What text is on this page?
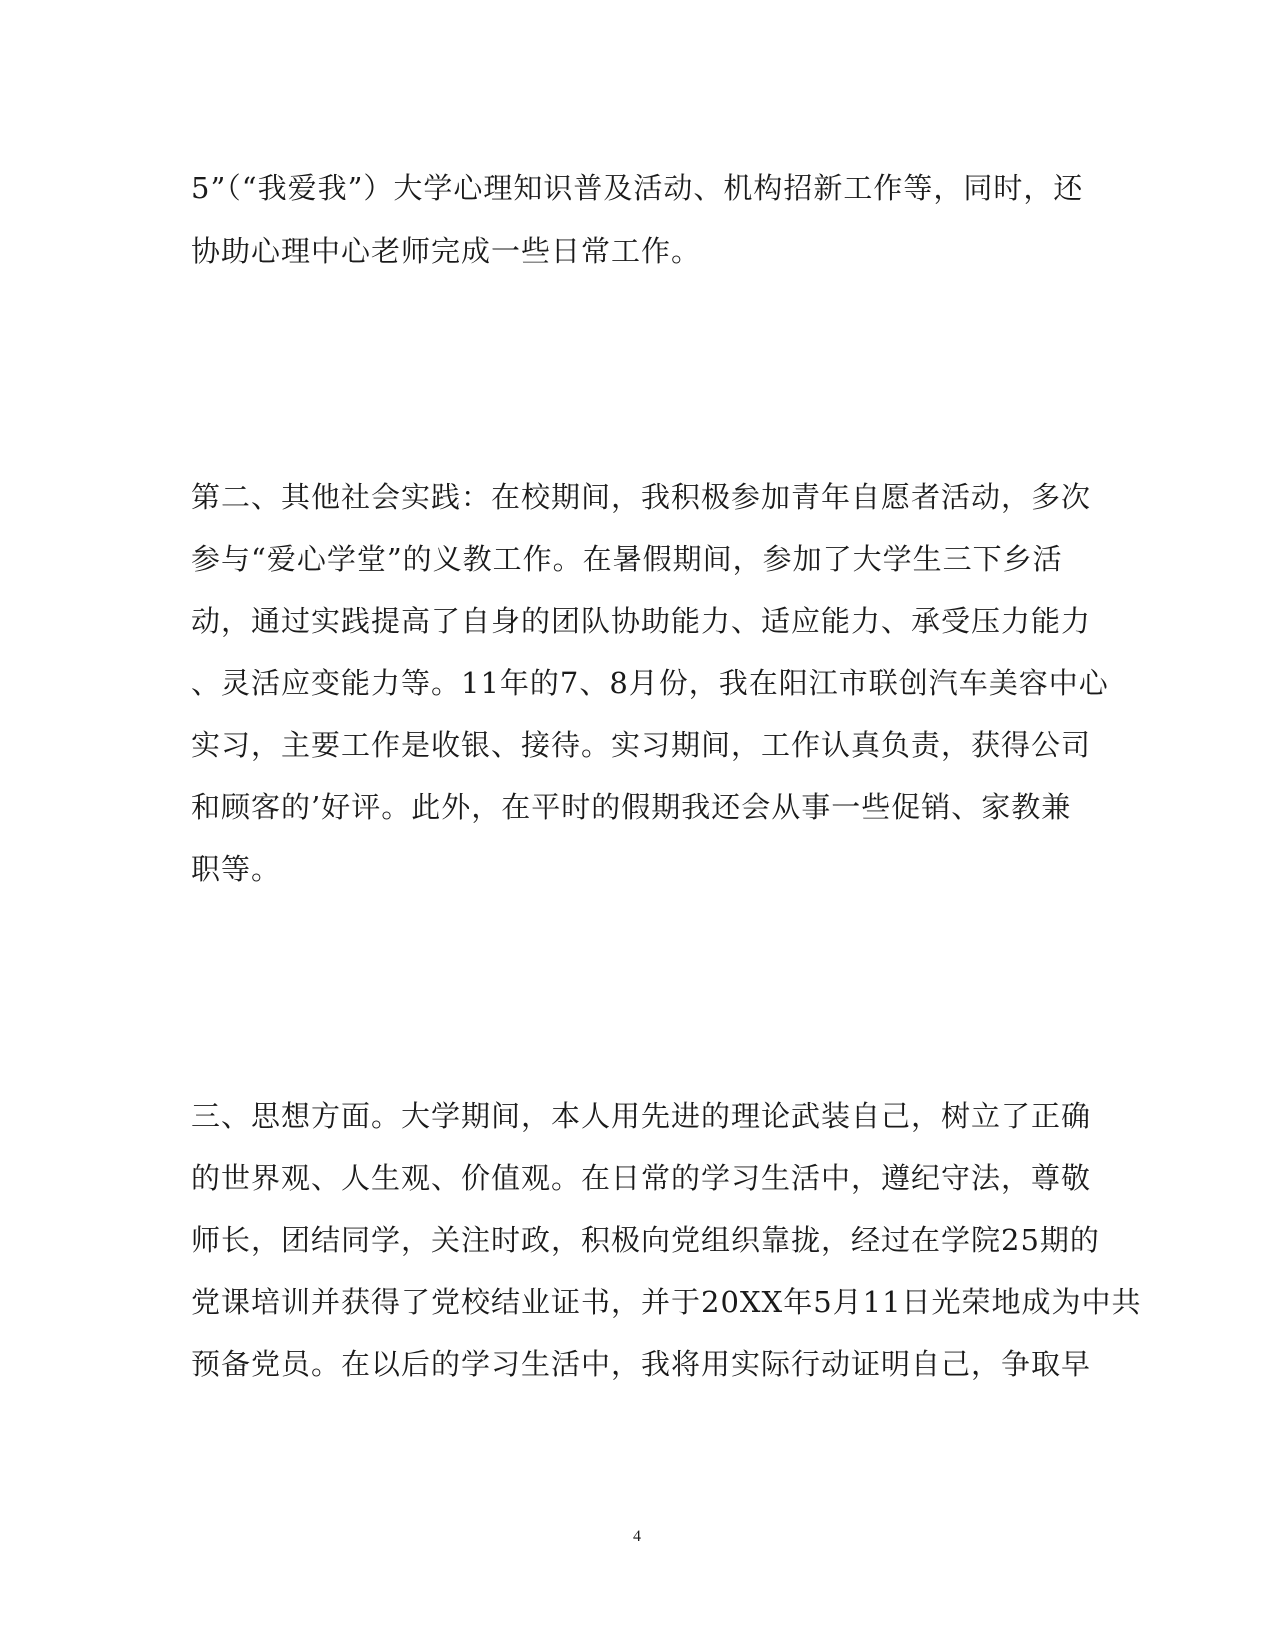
5”（“我爱我”）大学心理知识普及活动、机构招新工作等，同时，还
协助心理中心老师完成一些日常工作。
第二、其他社会实践：在校期间，我积极参加青年自愿者活动，多次
参与“爱心学堂”的义教工作。在暑假期间，参加了大学生三下乡活
动，通过实践提高了自身的团队协助能力、适应能力、承受压力能力
、灵活应变能力等。11年的7、8月份，我在阳江市联创汽车美容中心
实习，主要工作是收银、接待。实习期间，工作认真负责，获得公司
和顾客的’好评。此外，在平时的假期我还会从事一些促销、家教兼
职等。
三、思想方面。大学期间，本人用先进的理论武装自己，树立了正确
的世界观、人生观、价值观。在日常的学习生活中，遵纪守法，尊敬
师长，团结同学，关注时政，积极向党组织靠拢，经过在学院25期的
党课培训并获得了党校结业证书，并于20XX年5月11日光荣地成为中共
预备党员。在以后的学习生活中，我将用实际行动证明自己，争取早
4
